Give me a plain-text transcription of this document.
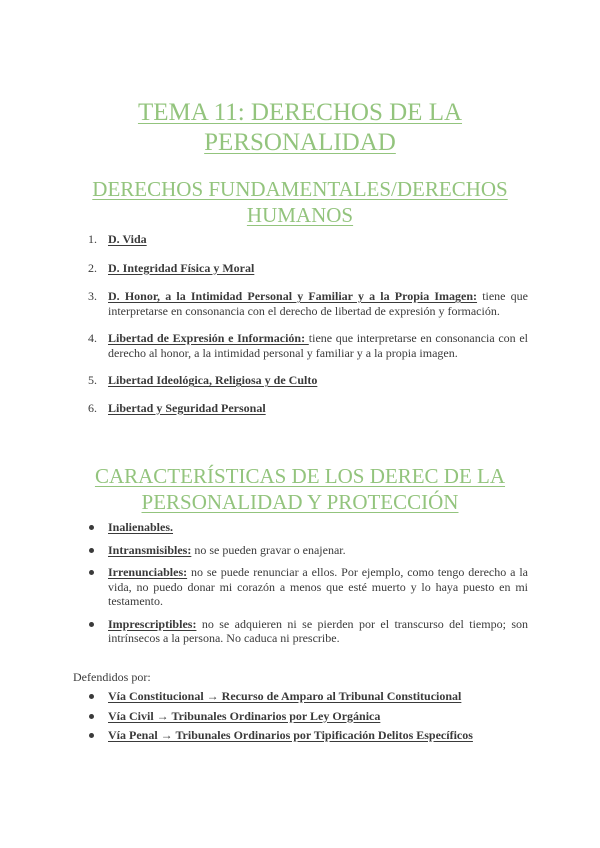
TEMA 11: DERECHOS DE LA PERSONALIDAD
DERECHOS FUNDAMENTALES/DERECHOS HUMANOS
1. D. Vida
2. D. Integridad Física y Moral
3. D. Honor, a la Intimidad Personal y Familiar y a la Propia Imagen: tiene que interpretarse en consonancia con el derecho de libertad de expresión y formación.
4. Libertad de Expresión e Información: tiene que interpretarse en consonancia con el derecho al honor, a la intimidad personal y familiar y a la propia imagen.
5. Libertad Ideológica, Religiosa y de Culto
6. Libertad y Seguridad Personal
CARACTERÍSTICAS DE LOS DEREC DE LA PERSONALIDAD Y PROTECCIÓN
Inalienables.
Intransmisibles: no se pueden gravar o enajenar.
Irrenunciables: no se puede renunciar a ellos. Por ejemplo, como tengo derecho a la vida, no puedo donar mi corazón a menos que esté muerto y lo haya puesto en mi testamento.
Imprescriptibles: no se adquieren ni se pierden por el transcurso del tiempo; son intrínsecos a la persona. No caduca ni prescribe.
Defendidos por:
Vía Constitucional → Recurso de Amparo al Tribunal Constitucional
Vía Civil → Tribunales Ordinarios por Ley Orgánica
Vía Penal → Tribunales Ordinarios por Tipificación Delitos Específicos
